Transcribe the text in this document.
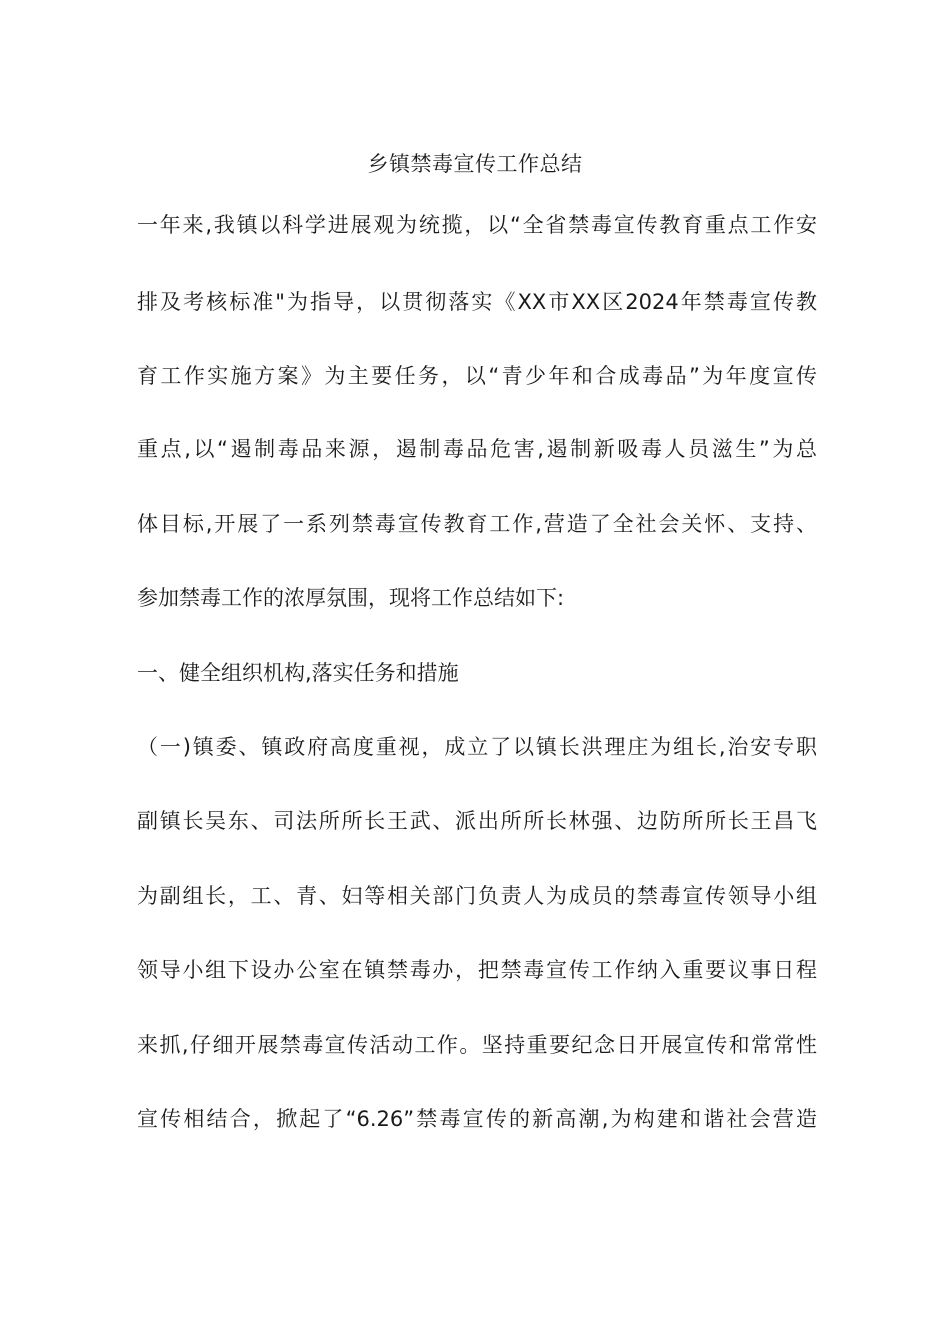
乡镇禁毒宣传工作总结
一年来,我镇以科学进展观为统揽，以“全省禁毒宣传教育重点工作安
排及考核标准"为指导，以贯彻落实《XX市XX区2024年禁毒宣传教
育工作实施方案》为主要任务，以“青少年和合成毒品”为年度宣传
重点,以“遏制毒品来源，遏制毒品危害,遏制新吸毒人员滋生”为总
体目标,开展了一系列禁毒宣传教育工作,营造了全社会关怀、支持、
参加禁毒工作的浓厚氛围，现将工作总结如下:
一、健全组织机构,落实任务和措施
（一)镇委、镇政府高度重视，成立了以镇长洪理庄为组长,治安专职
副镇长吴东、司法所所长王武、派出所所长林强、边防所所长王昌飞
为副组长，工、青、妇等相关部门负责人为成员的禁毒宣传领导小组
领导小组下设办公室在镇禁毒办，把禁毒宣传工作纳入重要议事日程
来抓,仔细开展禁毒宣传活动工作。坚持重要纪念日开展宣传和常常性
宣传相结合，掀起了“6.26”禁毒宣传的新高潮,为构建和谐社会营造
